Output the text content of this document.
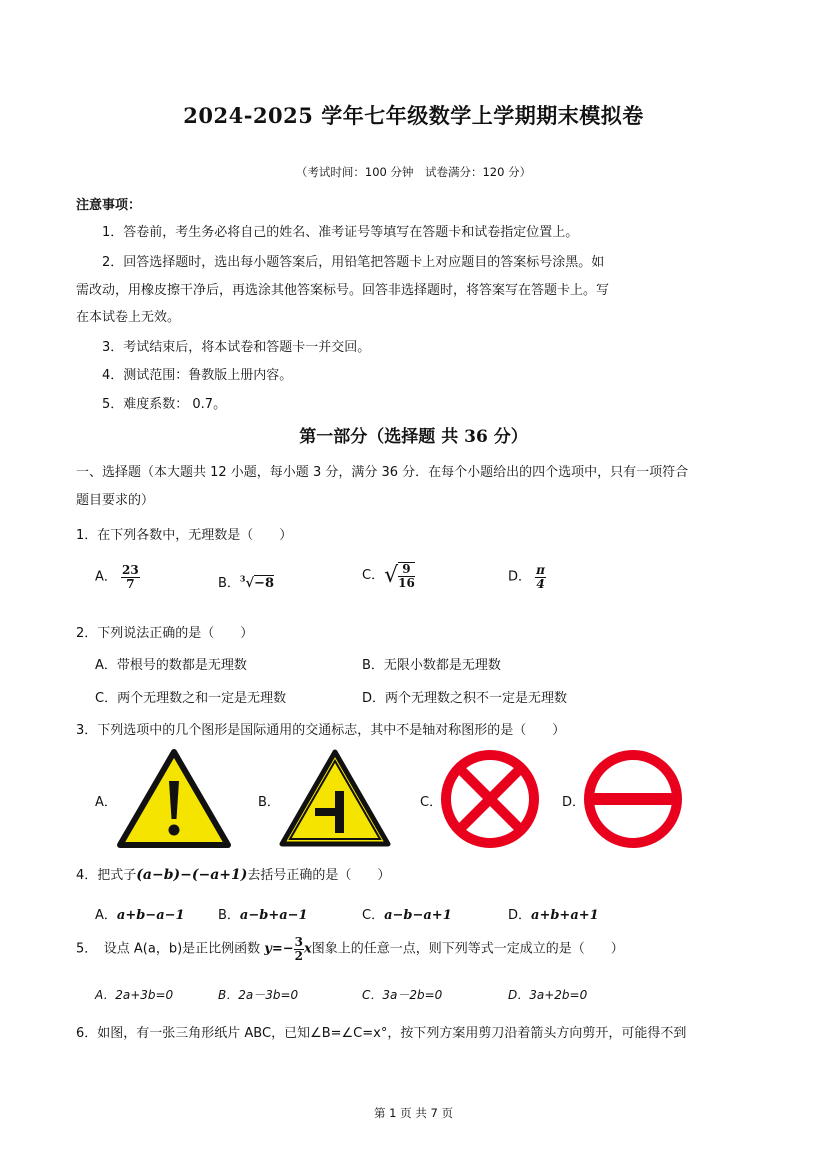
2024-2025 学年七年级数学上学期期末模拟卷
（考试时间：100 分钟　试卷满分：120 分）
注意事项：
1．答卷前，考生务必将自己的姓名、准考证号等填写在答题卡和试卷指定位置上。
2．回答选择题时，选出每小题答案后，用铅笔把答题卡上对应题目的答案标号涂黑。如
需改动，用橡皮擦干净后，再选涂其他答案标号。回答非选择题时，将答案写在答题卡上。写
在本试卷上无效。
3．考试结束后，将本试卷和答题卡一并交回。
4．测试范围：鲁教版上册内容。
5．难度系数： 0.7。
第一部分（选择题 共 36 分）
一、选择题（本大题共 12 小题，每小题 3 分，满分 36 分．在每个小题给出的四个选项中，只有一项符合
题目要求的）
1．在下列各数中，无理数是（　　）
A． $\frac{23}{7}$	B．$^3$√−8
C．√ $\frac{9}{16}$	D． $\frac{\pi}{4}$
2．下列说法正确的是（　　）
A．带根号的数都是无理数	B．无限小数都是无理数
C．两个无理数之和一定是无理数	D．两个无理数之积不一定是无理数
3．下列选项中的几个图形是国际通用的交通标志，其中不是轴对称图形的是（　　）
A．	B．	C．	D．
4．把式子(a−b)−(−a+1)去括号正确的是（　　）
A．a+b−a−1	B．a−b+a−1	C．a−b−a+1	D．a+b+a+1
5．　设点 A(a，b)是正比例函数 $y=- \frac{3}{2}$ x图象上的任意一点，则下列等式一定成立的是（　　）
A．2a+3b=0	B．2a－3b=0	C．3a－2b=0	D．3a+2b=0
6．如图，有一张三角形纸片 ABC，已知∠B=∠C=x°，按下列方案用剪刀沿着箭头方向剪开，可能得不到
第 1 页 共 7 页
